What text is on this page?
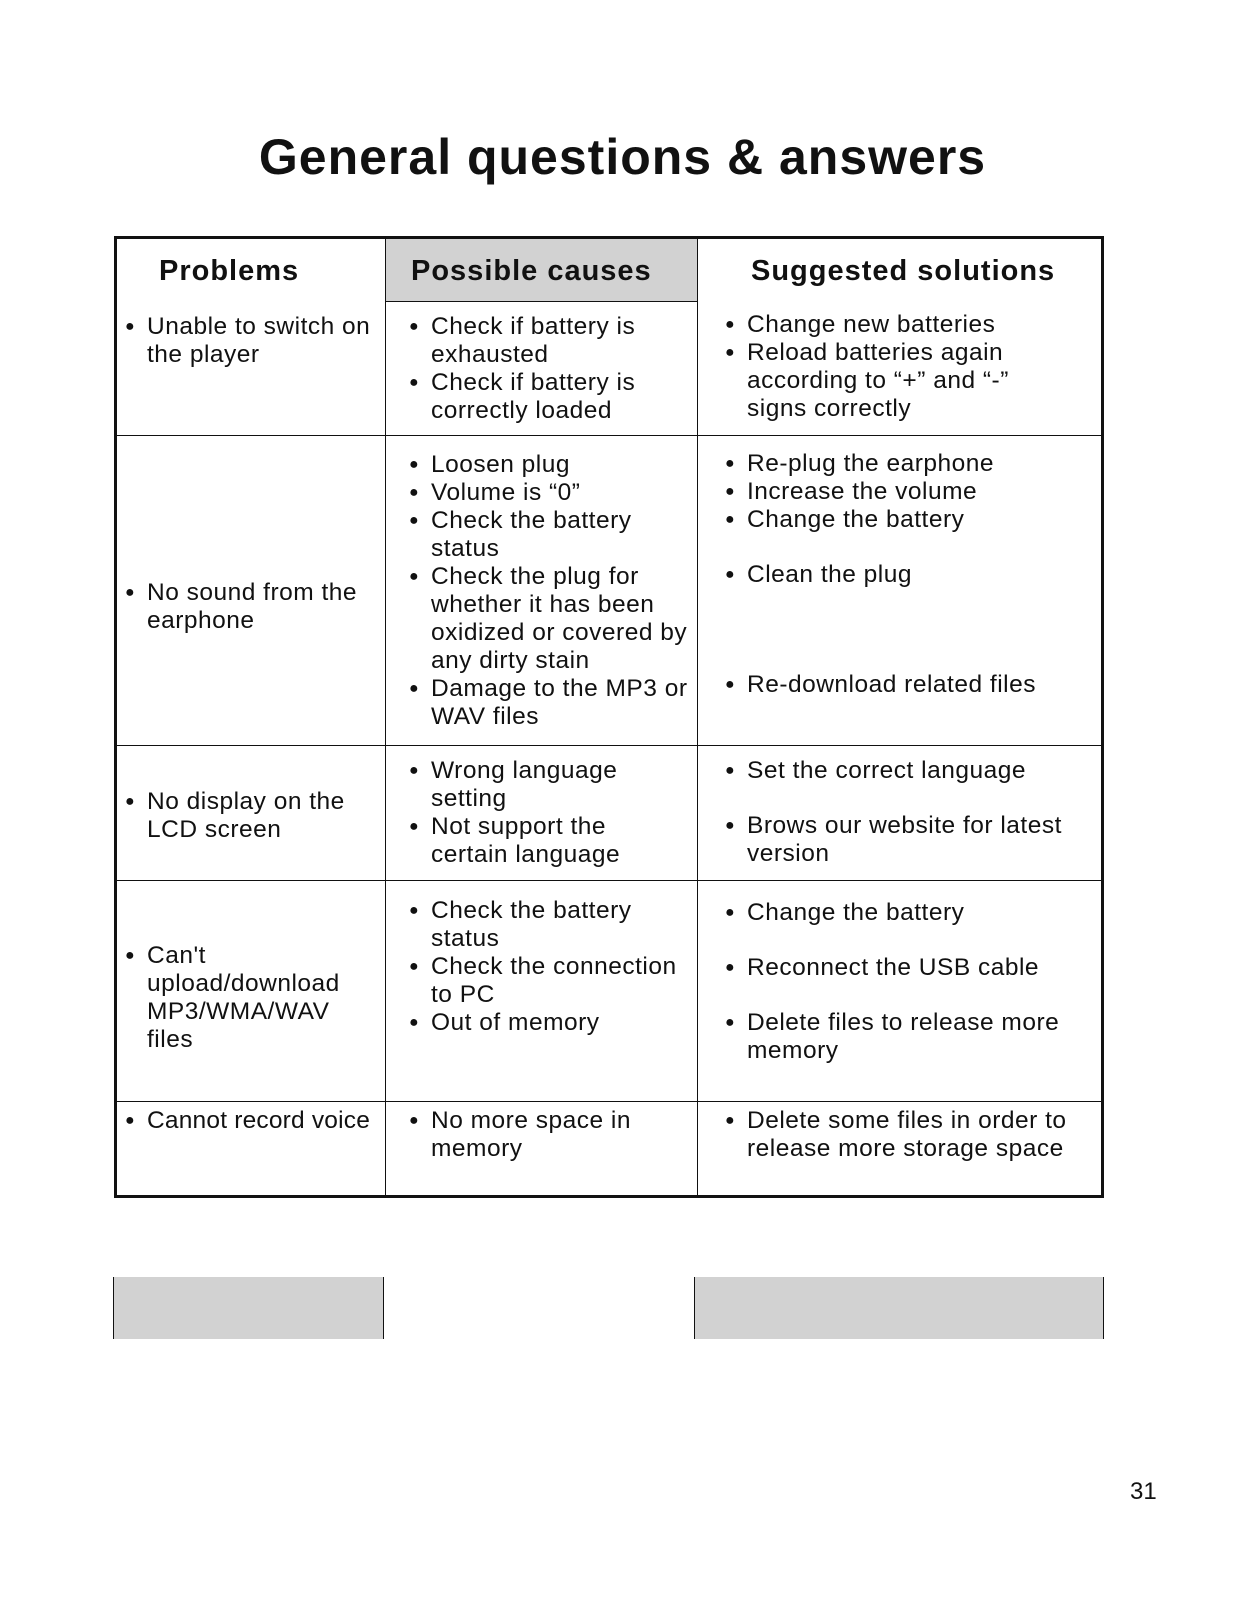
General questions & answers
Problems	Possible causes	Suggested solutions
● Unable to switch on the player
● Check if battery is exhausted
● Check if battery is correctly loaded
● Change new batteries
● Reload batteries again according to “+” and “-” signs correctly
● No sound from the earphone
● Loosen plug
● Volume is “0”
● Check the battery status
● Check the plug for whether it has been oxidized or covered by any dirty stain
● Damage to the MP3 or WAV files
● Re-plug the earphone
● Increase the volume
● Change the battery
● Clean the plug
● Re-download related files
● No display on the LCD screen
● Wrong language setting
● Not support the certain language
● Set the correct language
● Brows our website for latest version
● Can't upload/download MP3/WMA/WAV files
● Check the battery status
● Check the connection to PC
● Out of memory
● Change the battery
● Reconnect the USB cable
● Delete files to release more memory
● Cannot record voice
●	No more space in memory
● Delete some files in order to release more storage space
31
